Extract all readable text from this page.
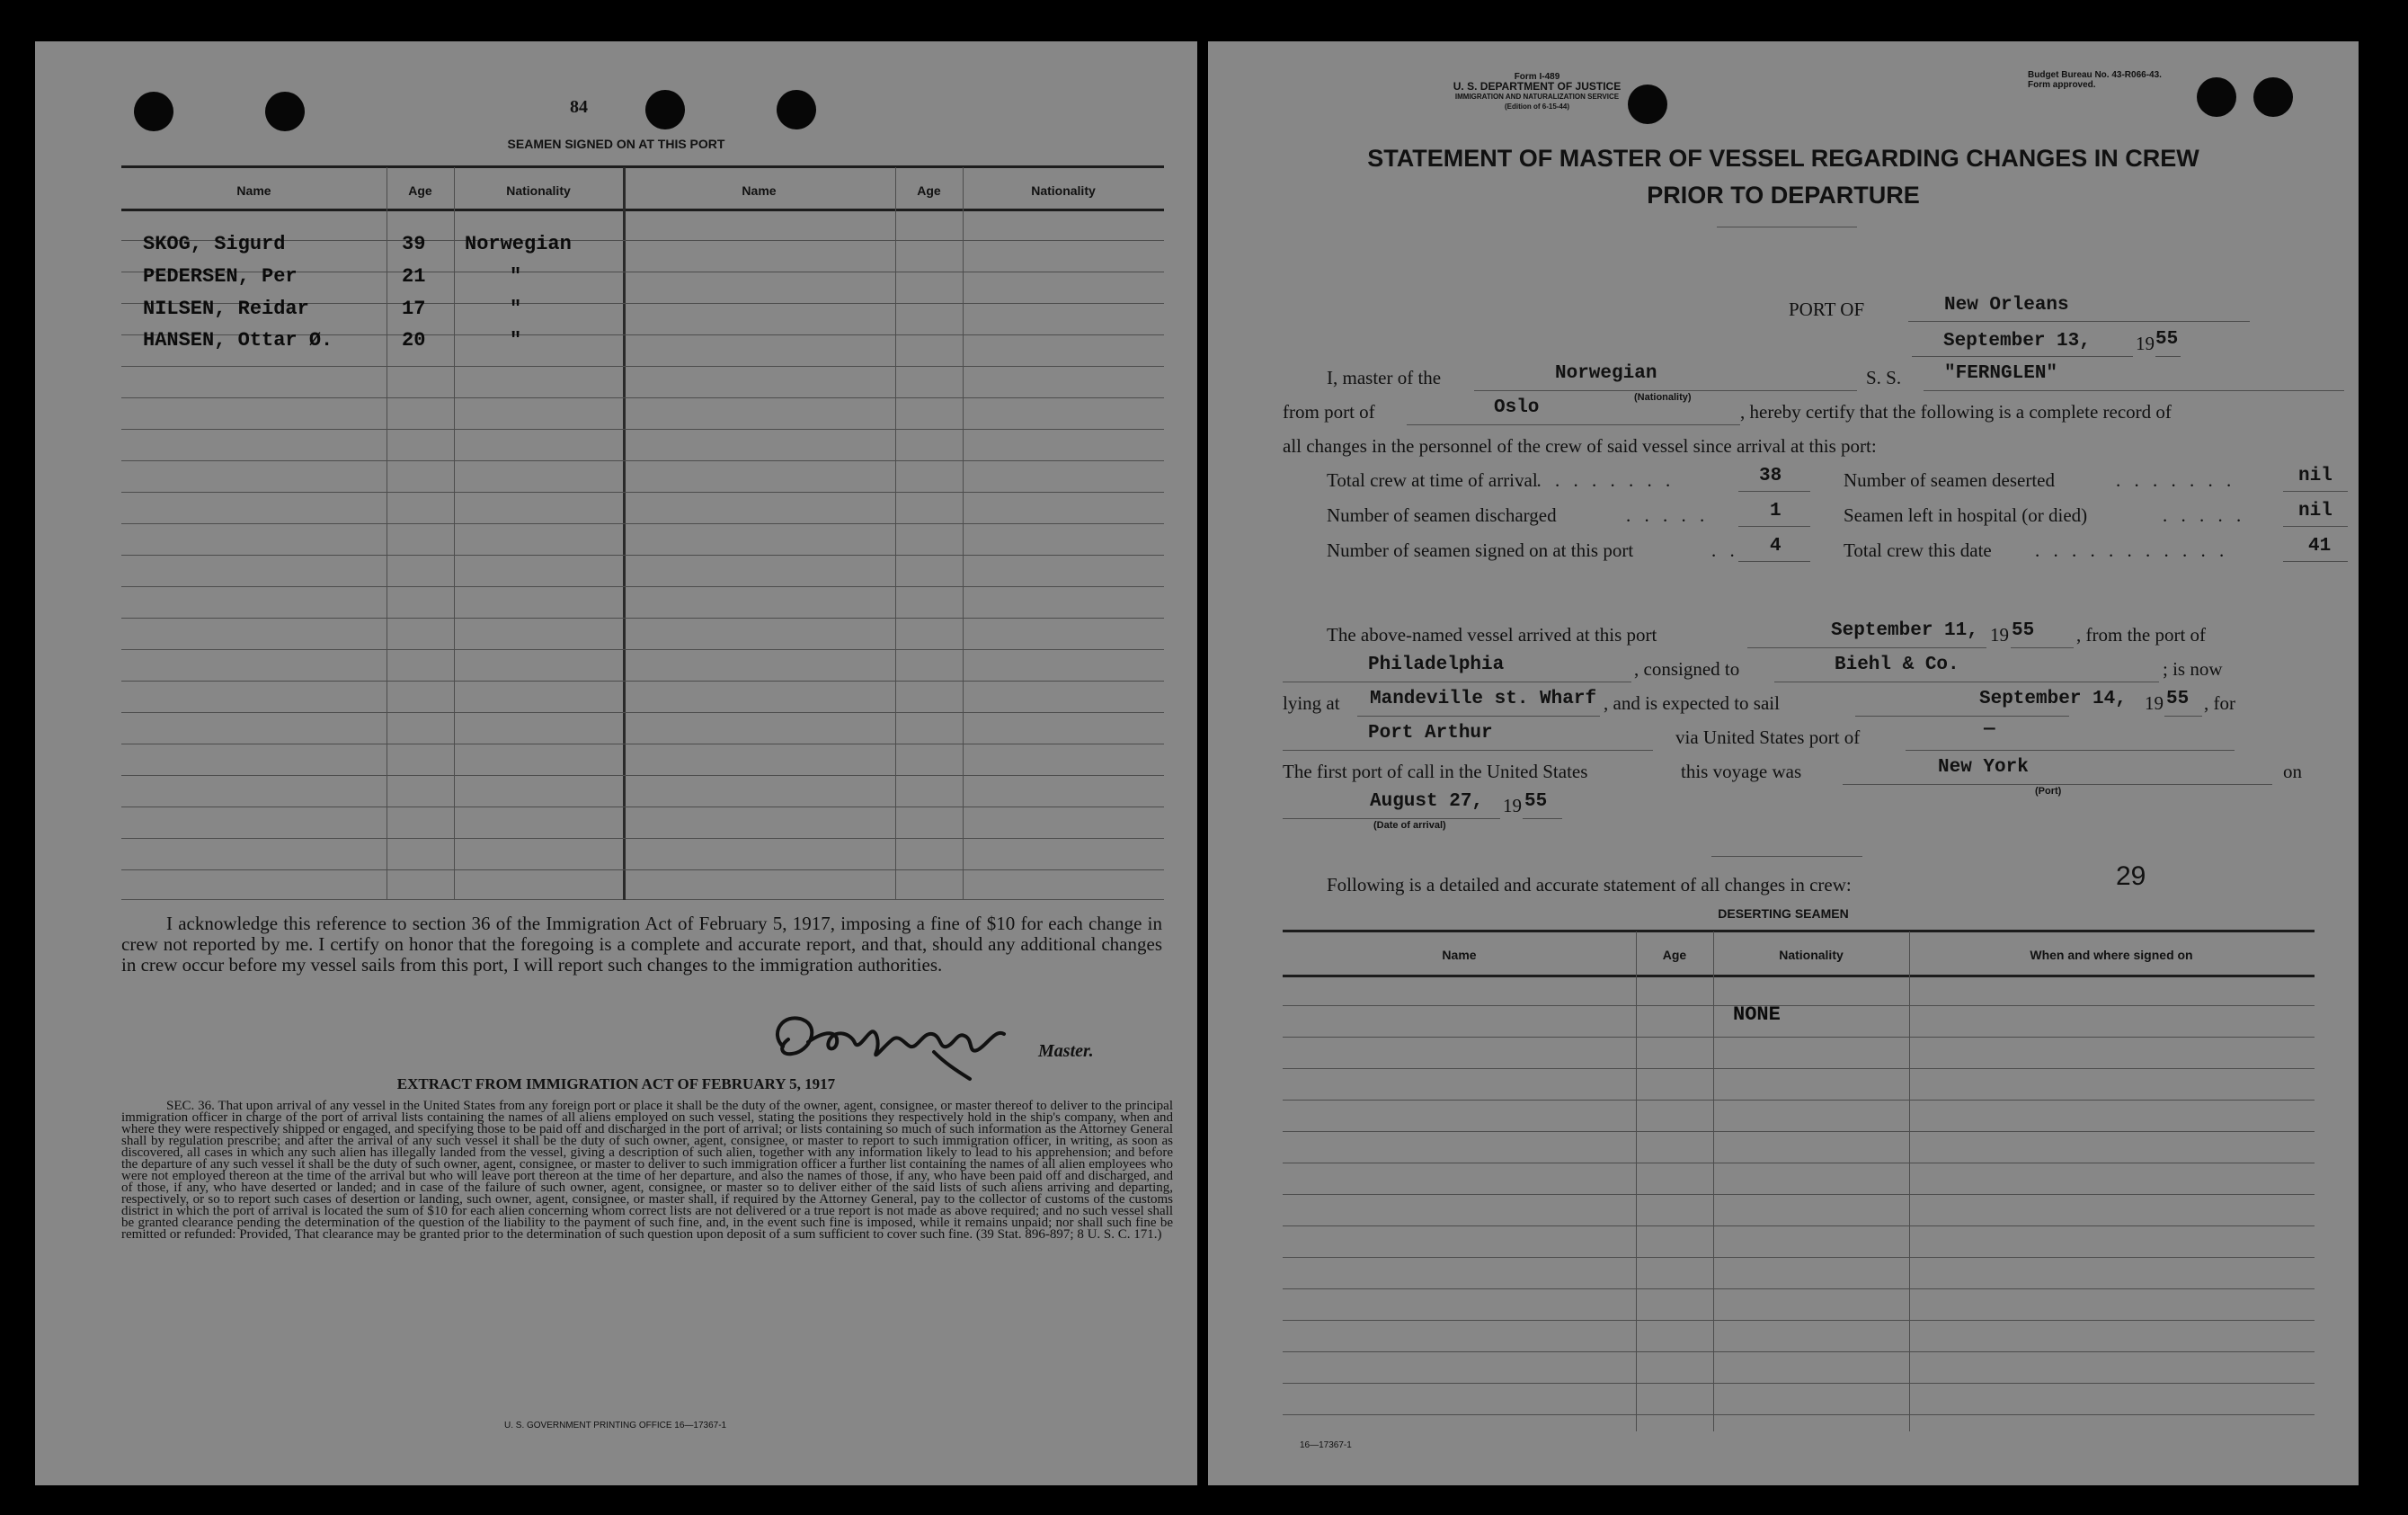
84
SEAMEN SIGNED ON AT THIS PORT
Name	Age	Nationality	Name	Age	Nationality
SKOG, Sigurd	39 Norwegian
PEDERSEN, Per	21	"
NILSEN, Reidar	17	"
HANSEN, Ottar Ø.	20	"
I acknowledge this reference to section 36 of the Immigration Act of February 5, 1917, imposing a fine of $10 for each change in crew not reported by me. I certify on honor that the foregoing is a complete and accurate report, and that, should any additional changes in crew occur before my vessel sails from this port, I will report such changes to the immigration authorities.
Master.
EXTRACT FROM IMMIGRATION ACT OF FEBRUARY 5, 1917
SEC. 36. That upon arrival of any vessel in the United States from any foreign port or place it shall be the duty of the owner, agent, consignee, or master thereof to deliver to the principal immigration officer in charge of the port of arrival lists containing the names of all aliens employed on such vessel, stating the positions they respectively hold in the ship's company, when and where they were respectively shipped or engaged, and specifying those to be paid off and discharged in the port of arrival; or lists containing so much of such information as the Attorney General shall by regulation prescribe; and after the arrival of any such vessel it shall be the duty of such owner, agent, consignee, or master to report to such immigration officer, in writing, as soon as discovered, all cases in which any such alien has illegally landed from the vessel, giving a description of such alien, together with any information likely to lead to his apprehension; and before the departure of any such vessel it shall be the duty of such owner, agent, consignee, or master to deliver to such immigration officer a further list containing the names of all alien employees who were not employed thereon at the time of the arrival but who will leave port thereon at the time of her departure, and also the names of those, if any, who have been paid off and discharged, and of those, if any, who have deserted or landed; and in case of the failure of such owner, agent, consignee, or master so to deliver either of the said lists of such aliens arriving and departing, respectively, or so to report such cases of desertion or landing, such owner, agent, consignee, or master shall, if required by the Attorney General, pay to the collector of customs of the customs district in which the port of arrival is located the sum of $10 for each alien concerning whom correct lists are not delivered or a true report is not made as above required; and no such vessel shall be granted clearance pending the determination of the question of the liability to the payment of such fine, and, in the event such fine is imposed, while it remains unpaid; nor shall such fine be remitted or refunded: Provided, That clearance may be granted prior to the determination of such question upon deposit of a sum sufficient to cover such fine. (39 Stat. 896-897; 8 U. S. C. 171.)
U. S. GOVERNMENT PRINTING OFFICE 16—17367-1
Form I-489
U. S. DEPARTMENT OF JUSTICE
IMMIGRATION AND NATURALIZATION SERVICE
(Edition of 6-15-44)
Budget Bureau No. 43-R066-43.
Form approved.
STATEMENT OF MASTER OF VESSEL REGARDING CHANGES IN CREW
PRIOR TO DEPARTURE
PORT OF	New Orleans
September 13, 19 55
I, master of the	Norwegian
(Nationality)
S. S. "FERNGLEN"
from port of	Oslo	, hereby certify that the following is a complete record of
all changes in the personnel of the crew of said vessel since arrival at this port:
Total crew at time of arrival
. . . . . . . . .	38
Number of seamen discharged	. . . . .	1
Number of seamen signed on at this port	. . 4
Number of seamen deserted	. . . . . . .	nil
Seamen left in hospital (or died)	. . . . .	nil
Total crew this date . . . . . . . . . . .	41
The above-named vessel arrived at this port	September 11, 19 55 , from the port of
Philadelphia	, consigned to	Biehl & Co.	; is now
lying at Mandeville st. Wharf , and is expected to sail	September 14, 19 55 , for
Port Arthur	via United States port of	—
The first port of call in the United States	this voyage was	New York
(Port)
on
August 27,
(Date of arrival)
19 55
Following is a detailed and accurate statement of all changes in crew:	29
DESERTING SEAMEN
Name	Age	Nationality	When and where signed on
NONE
16—17367-1
